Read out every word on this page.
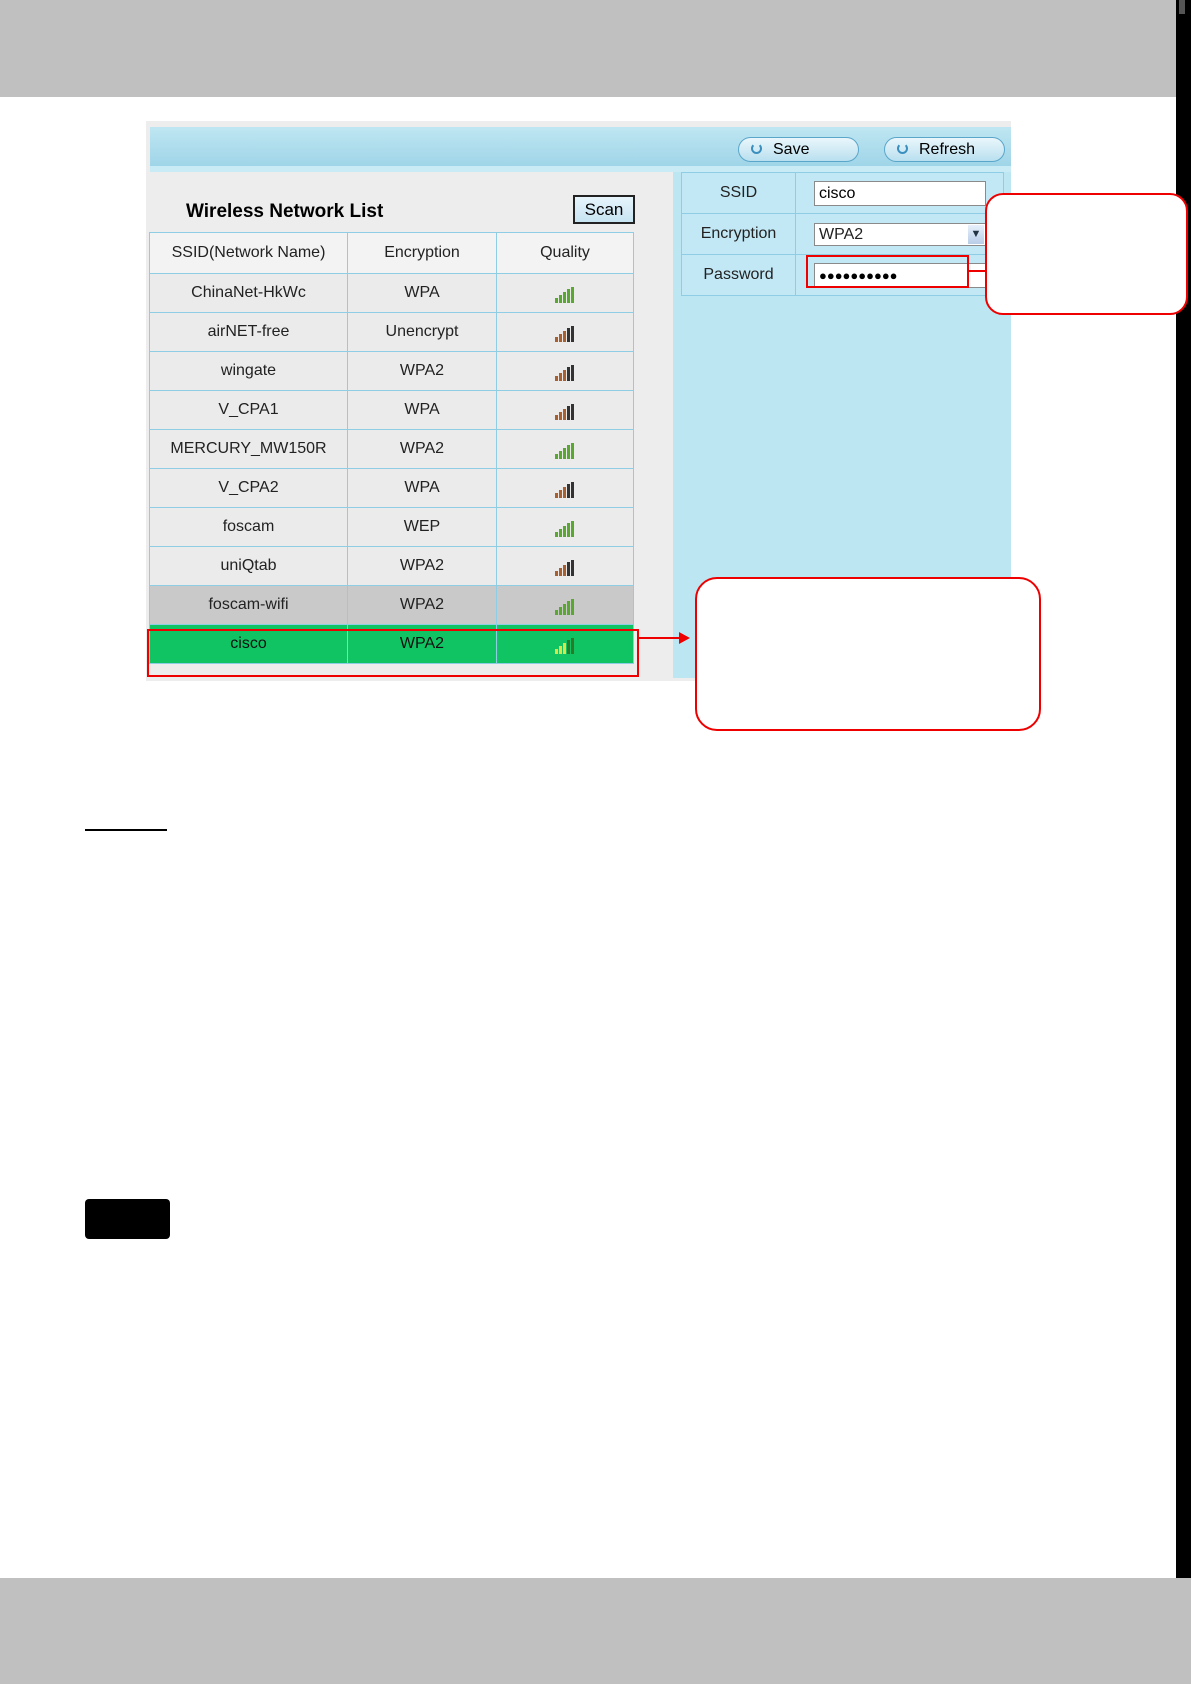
Save	Refresh
Wireless Network List	Scan
SSID(Network Name)	Encryption	Quality
ChinaNet-HkWc	WPA	
airNET-free	Unencrypt	
wingate	WPA2	
V_CPA1	WPA	
MERCURY_MW150R	WPA2	
V_CPA2	WPA	
foscam	WEP	
uniQtab	WPA2	
foscam-wifi	WPA2	
cisco	WPA2	
SSID	cisco

Encryption	WPA2 ▼

Password	●●●●●●●●●●
